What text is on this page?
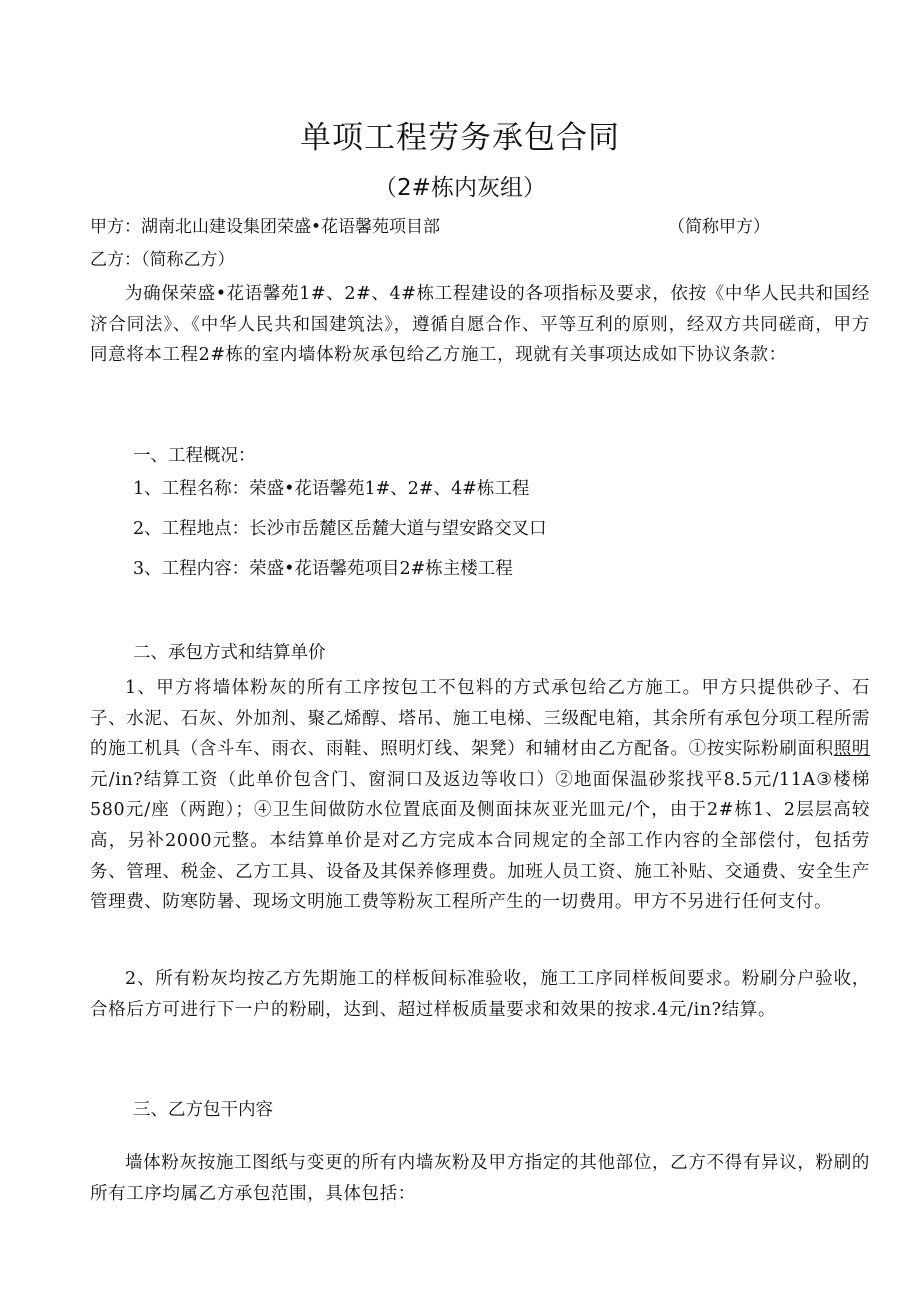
单项工程劳务承包合同
（2#栋内灰组）
甲方：湖南北山建设集团荣盛•花语馨苑项目部	（简称甲方）
乙方：（简称乙方）
为确保荣盛•花语馨苑1#、2#、4#栋工程建设的各项指标及要求，依按《中华人民共和国经济合同法》、《中华人民共和国建筑法》，遵循自愿合作、平等互利的原则，经双方共同磋商，甲方同意将本工程2#栋的室内墙体粉灰承包给乙方施工，现就有关事项达成如下协议条款：
一、工程概况：
1、工程名称：荣盛•花语馨苑1#、2#、4#栋工程
2、工程地点：长沙市岳麓区岳麓大道与望安路交叉口
3、工程内容：荣盛•花语馨苑项目2#栋主楼工程
二、承包方式和结算单价
1、甲方将墙体粉灰的所有工序按包工不包料的方式承包给乙方施工。甲方只提供砂子、石子、水泥、石灰、外加剂、聚乙烯醇、塔吊、施工电梯、三级配电箱，其余所有承包分项工程所需的施工机具（含斗车、雨衣、雨鞋、照明灯线、架凳）和辅材由乙方配备。①按实际粉刷面积照明元/in?结算工资（此单价包含门、窗洞口及返边等收口）②地面保温砂浆找平8.5元/11A③楼梯580元/座（两跑）；④卫生间做防水位置底面及侧面抹灰亚光皿元/个，由于2#栋1、2层层高较高，另补2000元整。本结算单价是对乙方完成本合同规定的全部工作内容的全部偿付，包括劳务、管理、税金、乙方工具、设备及其保养修理费。加班人员工资、施工补贴、交通费、安全生产管理费、防寒防暑、现场文明施工费等粉灰工程所产生的一切费用。甲方不另进行任何支付。
2、所有粉灰均按乙方先期施工的样板间标准验收，施工工序同样板间要求。粉刷分户验收，合格后方可进行下一户的粉刷，达到、超过样板质量要求和效果的按求.4元/in?结算。
三、乙方包干内容
墙体粉灰按施工图纸与变更的所有内墙灰粉及甲方指定的其他部位，乙方不得有异议，粉刷的所有工序均属乙方承包范围，具体包括：
